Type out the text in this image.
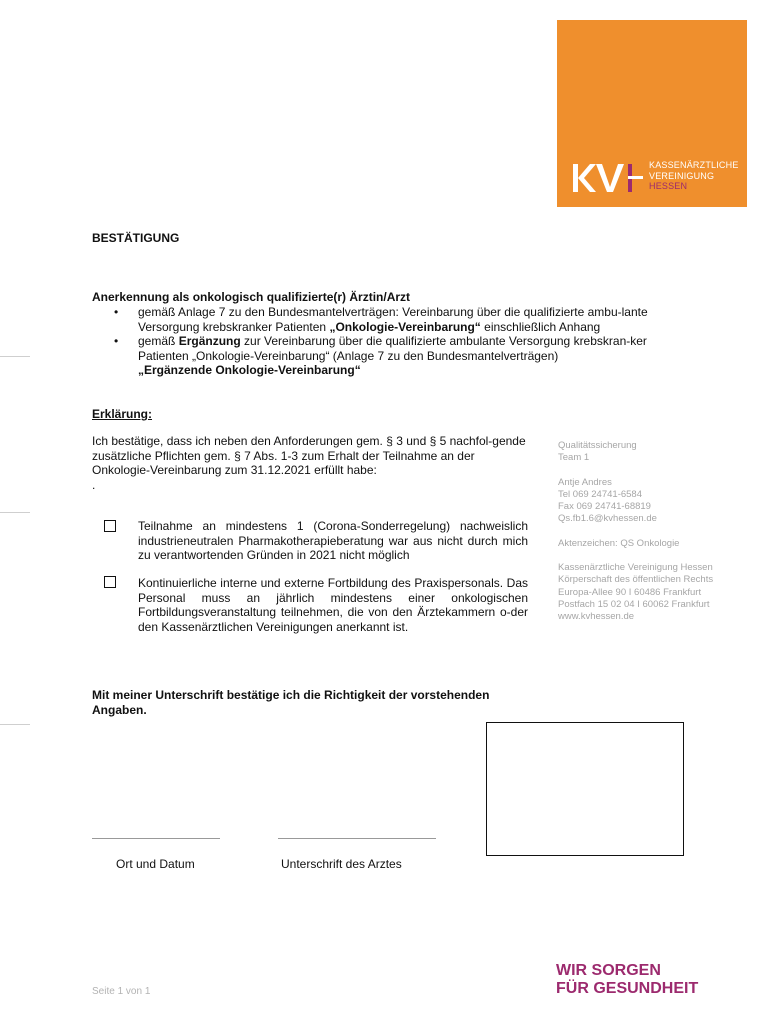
KASSENÄRZTLICHE
VEREINIGUNG
HESSEN
BESTÄTIGUNG
Anerkennung als onkologisch qualifizierte(r) Ärztin/Arzt
•	gemäß Anlage 7 zu den Bundesmantelverträgen: Vereinbarung über die qualifizierte ambu-lante Versorgung krebskranker Patienten „Onkologie-Vereinbarung“ einschließlich Anhang
•	gemäß Ergänzung zur Vereinbarung über die qualifizierte ambulante Versorgung krebskran-ker Patienten „Onkologie-Vereinbarung“ (Anlage 7 zu den Bundesmantelverträgen)
„Ergänzende Onkologie-Vereinbarung“
Erklärung:
Ich bestätige, dass ich neben den Anforderungen gem. § 3 und § 5 nachfol-gende zusätzliche Pflichten gem. § 7 Abs. 1-3 zum Erhalt der Teilnahme an der Onkologie-Vereinbarung zum 31.12.2021 erfüllt habe:
.
Teilnahme an mindestens 1 (Corona-Sonderregelung) nachweislich industrieneutralen Pharmakotherapieberatung war aus nicht durch mich zu verantwortenden Gründen in 2021 nicht möglich
Kontinuierliche interne und externe Fortbildung des Praxispersonals. Das Personal muss an jährlich mindestens einer onkologischen Fortbildungsveranstaltung teilnehmen, die von den Ärztekammern o-der den Kassenärztlichen Vereinigungen anerkannt ist.
Qualitätssicherung
Team 1
Antje Andres
Tel 069 24741-6584
Fax 069 24741-68819
Qs.fb1.6@kvhessen.de
Aktenzeichen: QS Onkologie
Kassenärztliche Vereinigung Hessen
Körperschaft des öffentlichen Rechts
Europa-Allee 90 I 60486 Frankfurt
Postfach 15 02 04 I 60062 Frankfurt
www.kvhessen.de
Mit meiner Unterschrift bestätige ich die Richtigkeit der vorstehenden Angaben.
Ort und Datum	Unterschrift des Arztes
Seite 1 von 1
WIR SORGEN
FÜR GESUNDHEIT
